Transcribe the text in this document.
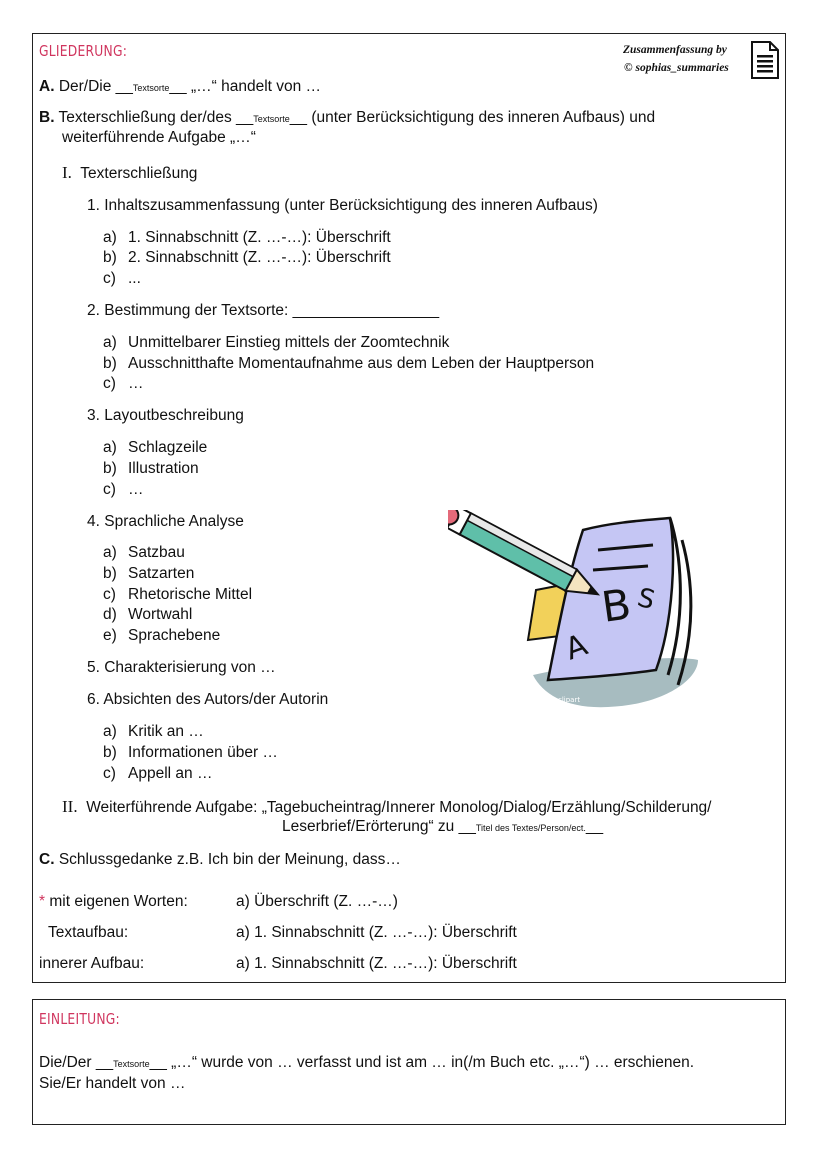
GLIEDERUNG:	Zusammenfassung by
© sophias_summaries
A. Der/Die __Textsorte__ „…“ handelt von …
B. Texterschließung der/des __Textsorte__ (unter Berücksichtigung des inneren Aufbaus) und
weiterführende Aufgabe „…“
I. Texterschließung
1. Inhaltszusammenfassung (unter Berücksichtigung des inneren Aufbaus)
a) 1. Sinnabschnitt (Z. …-…): Überschrift
b) 2. Sinnabschnitt (Z. …-…): Überschrift
c) ...
2. Bestimmung der Textsorte: _________________
a) Unmittelbarer Einstieg mittels der Zoomtechnik
b) Ausschnitthafte Momentaufnahme aus dem Leben der Hauptperson
c) …
3. Layoutbeschreibung
a) Schlagzeile
b) Illustration
c) …
4. Sprachliche Analyse
a) Satzbau
b) Satzarten
c) Rhetorische Mittel
d) Wortwahl
e) Sprachebene
5. Charakterisierung von …
6. Absichten des Autors/der Autorin
a) Kritik an …
b) Informationen über …
c) Appell an …
II. Weiterführende Aufgabe: „Tagebucheintrag/Innerer Monolog/Dialog/Erzählung/Schilderung/
Leserbrief/Erörterung“ zu __Titel des Textes/Person/ect.__
C. Schlussgedanke z.B. Ich bin der Meinung, dass…
* mit eigenen Worten:	a) Überschrift (Z. …-…)
Textaufbau:	a) 1. Sinnabschnitt (Z. …-…): Überschrift
innerer Aufbau:	a) 1. Sinnabschnitt (Z. …-…): Überschrift
B
A
S
clipart
EINLEITUNG:
Die/Der __Textsorte__ „…“ wurde von … verfasst und ist am … in(/m Buch etc. „…“) … erschienen.
Sie/Er handelt von …
